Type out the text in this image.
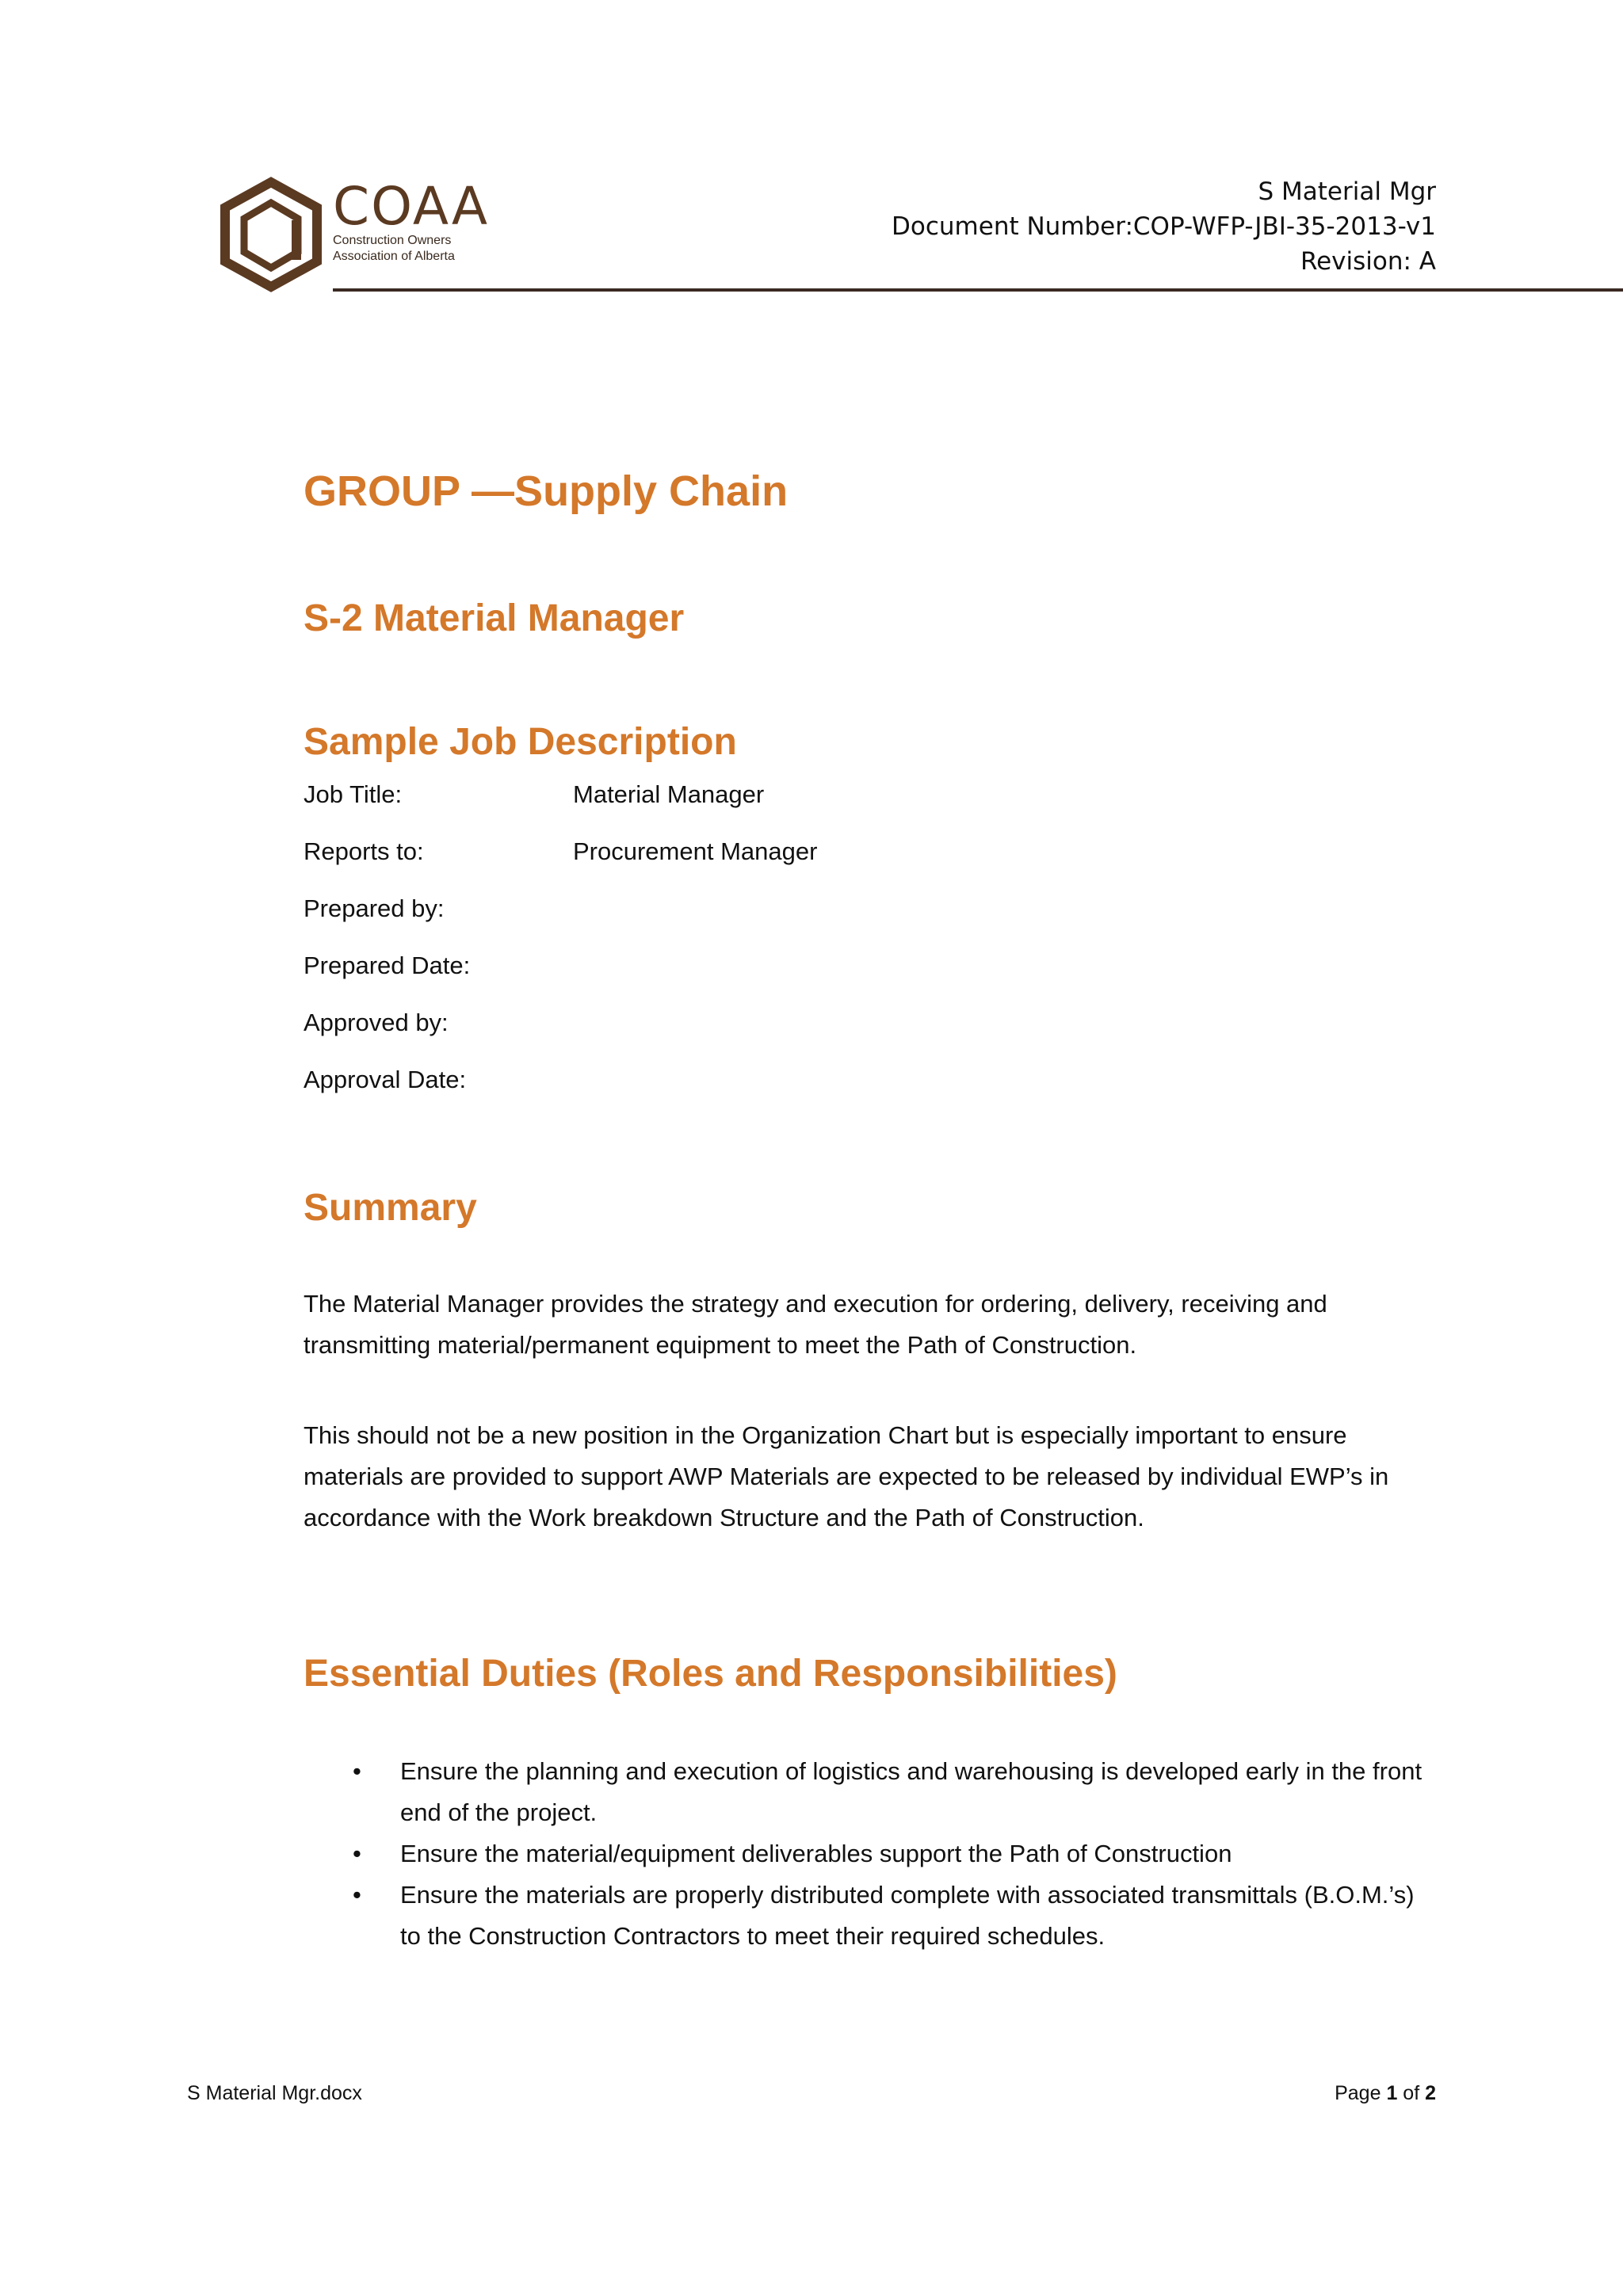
COAA
Construction Owners
Association of Alberta
S Material Mgr
Document Number:COP-WFP-JBI-35-2013-v1
Revision: A
GROUP —Supply Chain
S-2 Material Manager
Sample Job Description
Job Title:	Material Manager
Reports to:	Procurement Manager
Prepared by:
Prepared Date:
Approved by:
Approval Date:
Summary

The Material Manager provides the strategy and execution for ordering, delivery, receiving and transmitting material/permanent equipment to meet the Path of Construction.

This should not be a new position in the Organization Chart but is especially important to ensure materials are provided to support AWP Materials are expected to be released by individual EWP’s in accordance with the Work breakdown Structure and the Path of Construction.

Essential Duties (Roles and Responsibilities)
• Ensure the planning and execution of logistics and warehousing is developed early in the front end of the project.
• Ensure the material/equipment deliverables support the Path of Construction
• Ensure the materials are properly distributed complete with associated transmittals (B.O.M.’s) to the Construction Contractors to meet their required schedules.
S Material Mgr.docx	Page 1 of 2
